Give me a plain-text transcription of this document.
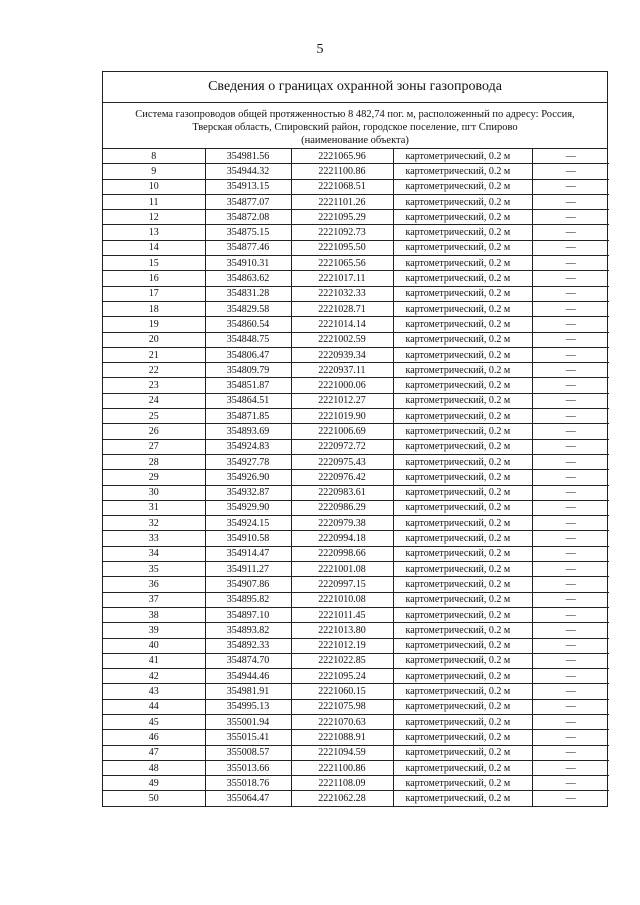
5
Сведения о границах охранной зоны газопровода
Система газопроводов общей протяженностью 8 482,74 пог. м, расположенный по адресу: Россия,
Тверская область, Спировский район, городское поселение, пгт Спирово
(наименование объекта)
8	354981.56	2221065.96	картометрический, 0.2 м	—
9	354944.32	2221100.86	картометрический, 0.2 м	—
10	354913.15	2221068.51	картометрический, 0.2 м	—
11	354877.07	2221101.26	картометрический, 0.2 м	—
12	354872.08	2221095.29	картометрический, 0.2 м	—
13	354875.15	2221092.73	картометрический, 0.2 м	—
14	354877.46	2221095.50	картометрический, 0.2 м	—
15	354910.31	2221065.56	картометрический, 0.2 м	—
16	354863.62	2221017.11	картометрический, 0.2 м	—
17	354831.28	2221032.33	картометрический, 0.2 м	—
18	354829.58	2221028.71	картометрический, 0.2 м	—
19	354860.54	2221014.14	картометрический, 0.2 м	—
20	354848.75	2221002.59	картометрический, 0.2 м	—
21	354806.47	2220939.34	картометрический, 0.2 м	—
22	354809.79	2220937.11	картометрический, 0.2 м	—
23	354851.87	2221000.06	картометрический, 0.2 м	—
24	354864.51	2221012.27	картометрический, 0.2 м	—
25	354871.85	2221019.90	картометрический, 0.2 м	—
26	354893.69	2221006.69	картометрический, 0.2 м	—
27	354924.83	2220972.72	картометрический, 0.2 м	—
28	354927.78	2220975.43	картометрический, 0.2 м	—
29	354926.90	2220976.42	картометрический, 0.2 м	—
30	354932.87	2220983.61	картометрический, 0.2 м	—
31	354929.90	2220986.29	картометрический, 0.2 м	—
32	354924.15	2220979.38	картометрический, 0.2 м	—
33	354910.58	2220994.18	картометрический, 0.2 м	—
34	354914.47	2220998.66	картометрический, 0.2 м	—
35	354911.27	2221001.08	картометрический, 0.2 м	—
36	354907.86	2220997.15	картометрический, 0.2 м	—
37	354895.82	2221010.08	картометрический, 0.2 м	—
38	354897.10	2221011.45	картометрический, 0.2 м	—
39	354893.82	2221013.80	картометрический, 0.2 м	—
40	354892.33	2221012.19	картометрический, 0.2 м	—
41	354874.70	2221022.85	картометрический, 0.2 м	—
42	354944.46	2221095.24	картометрический, 0.2 м	—
43	354981.91	2221060.15	картометрический, 0.2 м	—
44	354995.13	2221075.98	картометрический, 0.2 м	—
45	355001.94	2221070.63	картометрический, 0.2 м	—
46	355015.41	2221088.91	картометрический, 0.2 м	—
47	355008.57	2221094.59	картометрический, 0.2 м	—
48	355013.66	2221100.86	картометрический, 0.2 м	—
49	355018.76	2221108.09	картометрический, 0.2 м	—
50	355064.47	2221062.28	картометрический, 0.2 м	—
